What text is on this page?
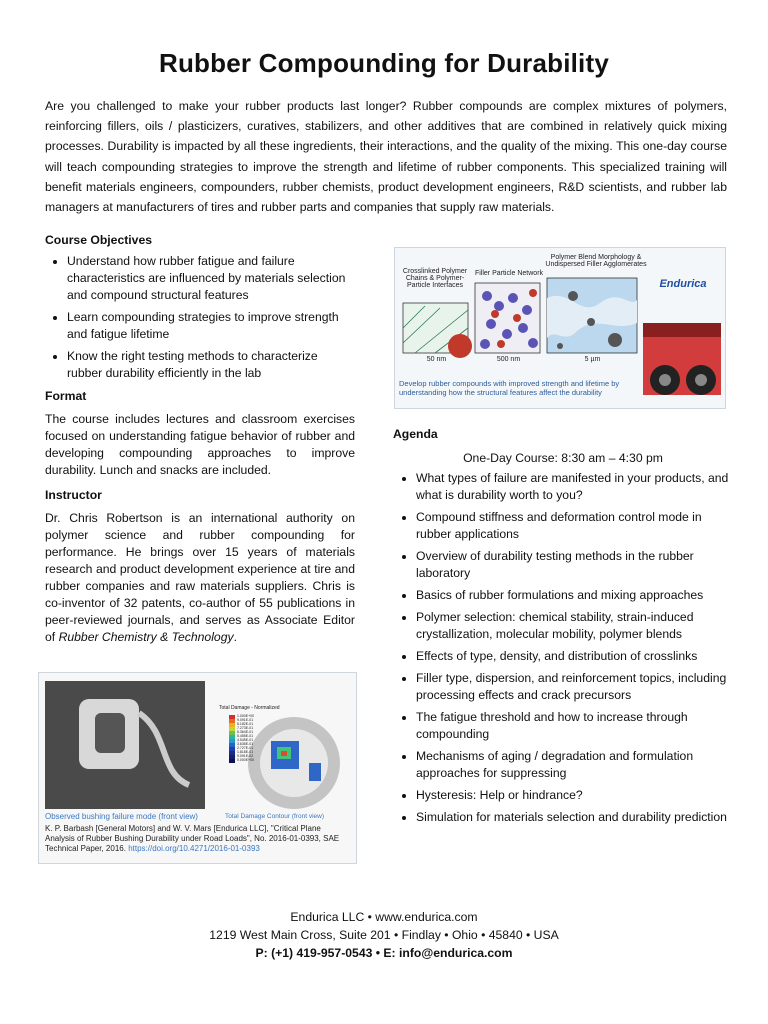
Rubber Compounding for Durability
Are you challenged to make your rubber products last longer? Rubber compounds are complex mixtures of polymers, reinforcing fillers, oils / plasticizers, curatives, stabilizers, and other additives that are combined in relatively quick mixing processes. Durability is impacted by all these ingredients, their interactions, and the quality of the mixing. This one-day course will teach compounding strategies to improve the strength and lifetime of rubber components. This specialized training will benefit materials engineers, compounders, rubber chemists, product development engineers, R&D scientists, and rubber lab managers at manufacturers of tires and rubber parts and companies that supply raw materials.

Course Objectives

• Understand how rubber fatigue and failure characteristics are influenced by materials selection and compound structural features
• Learn compounding strategies to improve strength and fatigue lifetime
• Know the right testing methods to characterize rubber durability efficiently in the lab

Format

The course includes lectures and classroom exercises focused on understanding fatigue behavior of rubber and developing compounding approaches to improve durability. Lunch and snacks are included.

Instructor

Dr. Chris Robertson is an international authority on polymer science and rubber compounding for performance. He brings over 15 years of materials research and product development experience at tire and rubber companies and raw materials suppliers. Chris is co-inventor of 32 patents, co-author of 55 publications in peer-reviewed journals, and serves as Associate Editor of Rubber Chemistry & Technology.

Crosslinked Polymer Chains & Polymer-Particle Interfaces
Filler Particle Network
Polymer Blend Morphology & Undispersed Filler Agglomerates
50 nm	500 nm	5 µm
Endurica
Develop rubber compounds with improved strength and lifetime by understanding how the structural features affect the durability
Total Damage - Normalized
1.000E+00
9.091E-01
8.182E-01
7.273E-01
6.364E-01
5.455E-01
4.545E-01
3.636E-01
2.727E-01
1.818E-01
9.091E-02
0.000E+00
Observed bushing failure mode (front view)	Total Damage Contour (front view)
K. P. Barbash [General Motors] and W. V. Mars [Endurica LLC], "Critical Plane Analysis of Rubber Bushing Durability under Road Loads", No. 2016-01-0393, SAE Technical Paper, 2016. https://doi.org/10.4271/2016-01-0393

Agenda

One-Day Course: 8:30 am – 4:30 pm

• What types of failure are manifested in your products, and what is durability worth to you?
• Compound stiffness and deformation control mode in rubber applications
• Overview of durability testing methods in the rubber laboratory
• Basics of rubber formulations and mixing approaches
• Polymer selection: chemical stability, strain-induced crystallization, molecular mobility, polymer blends
• Effects of type, density, and distribution of crosslinks
• Filler type, dispersion, and reinforcement topics, including processing effects and crack precursors
• The fatigue threshold and how to increase through compounding
• Mechanisms of aging / degradation and formulation approaches for suppressing
• Hysteresis: Help or hindrance?
• Simulation for materials selection and durability prediction
Endurica LLC • www.endurica.com
1219 West Main Cross, Suite 201 • Findlay • Ohio • 45840 • USA
P: (+1) 419-957-0543 • E: info@endurica.com
